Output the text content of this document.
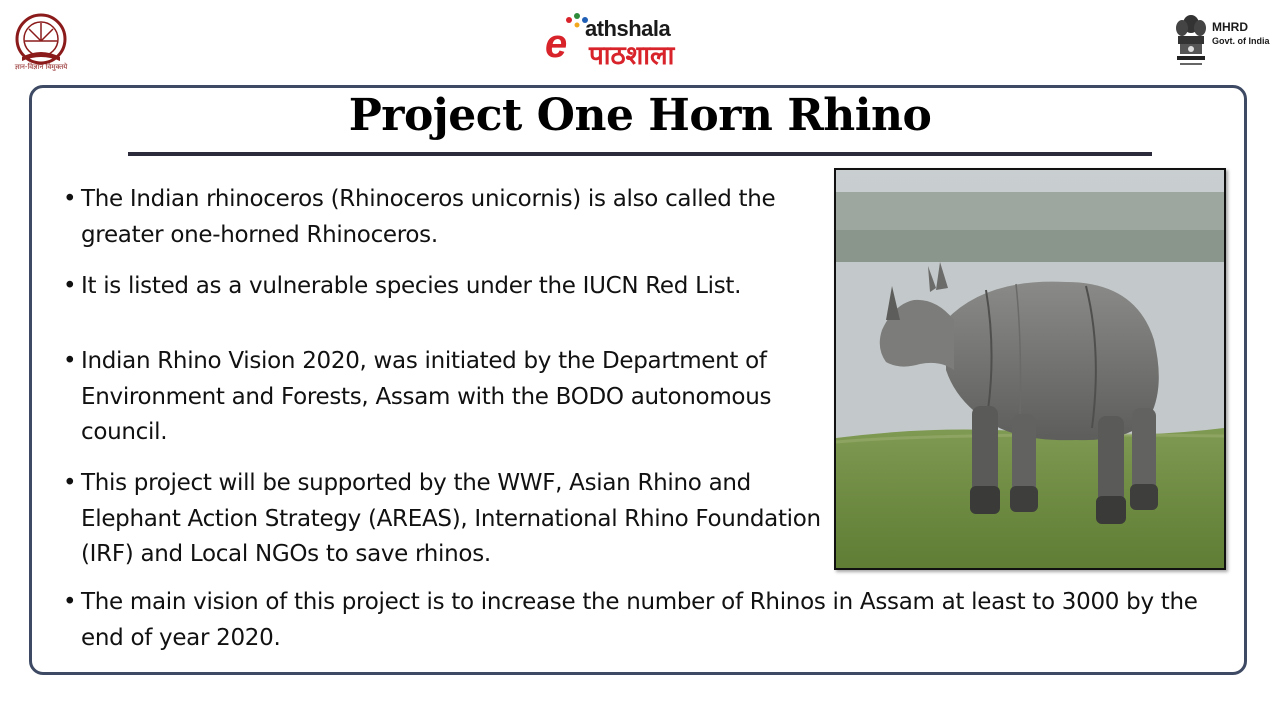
ज्ञान-विज्ञान विमुक्तये
e athshala
पाठशाला
MHRD
Govt. of India
Project One Horn Rhino
• The Indian rhinoceros (Rhinoceros unicornis) is also called the greater one-horned Rhinoceros.
• It is listed as a vulnerable species under the IUCN Red List.
• Indian Rhino Vision 2020, was initiated by the Department of Environment and Forests, Assam with the BODO autonomous council.
• This project will be supported by the WWF, Asian Rhino and Elephant Action Strategy (AREAS), International Rhino Foundation (IRF) and Local NGOs to save rhinos.
• The main vision of this project is to increase the number of Rhinos in Assam at least to 3000 by the end of year 2020.
